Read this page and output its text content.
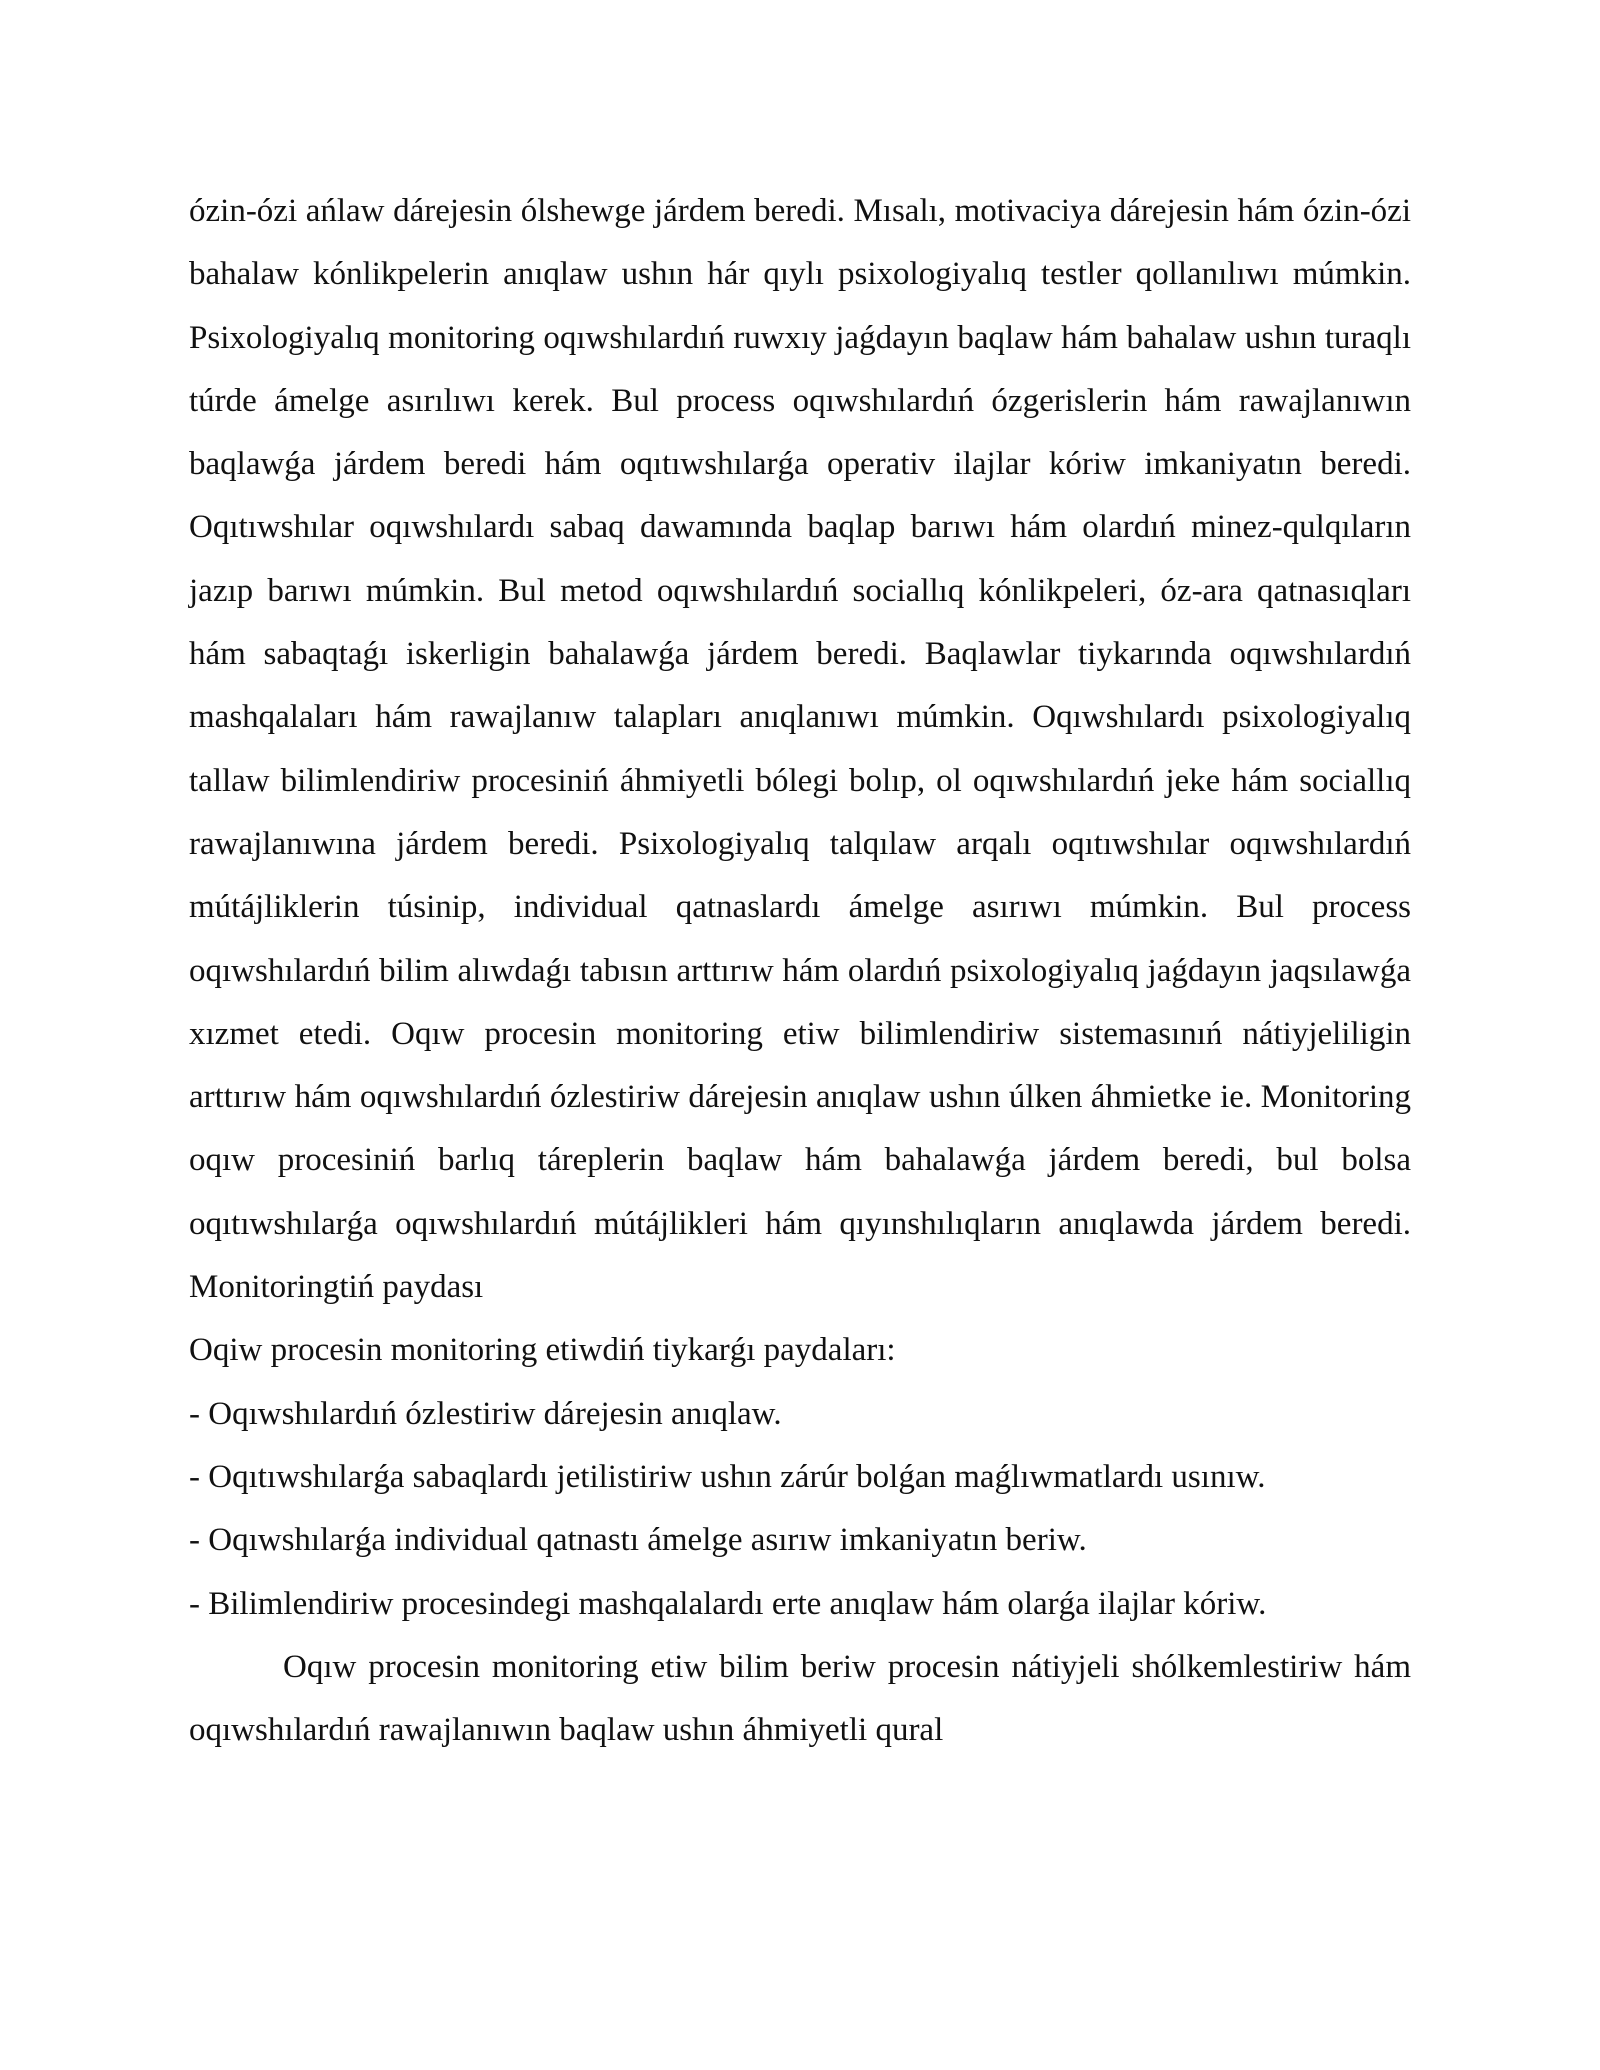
ózin-ózi ańlaw dárejesin ólshewge járdem beredi. Mısalı, motivaciya dárejesin hám ózin-ózi bahalaw kónlikpelerin anıqlaw ushın hár qıylı psixologiyalıq testler qollanılıwı múmkin. Psixologiyalıq monitoring oqıwshılardıń ruwxıy jaǵdayın baqlaw hám bahalaw ushın turaqlı túrde ámelge asırılıwı kerek. Bul process oqıwshılardıń ózgerislerin hám rawajlanıwın baqlawǵa járdem beredi hám oqıtıwshılarǵa operativ ilajlar kóriw imkaniyatın beredi. Oqıtıwshılar oqıwshılardı sabaq dawamında baqlap barıwı hám olardıń minez-qulqıların jazıp barıwı múmkin. Bul metod oqıwshılardıń sociallıq kónlikpeleri, óz-ara qatnasıqları hám sabaqtaǵı iskerligin bahalawǵa járdem beredi. Baqlawlar tiykarında oqıwshılardıń mashqalaları hám rawajlanıw talapları anıqlanıwı múmkin. Oqıwshılardı psixologiyalıq tallaw bilimlendiriw procesiniń áhmiyetli bólegi bolıp, ol oqıwshılardıń jeke hám sociallıq rawajlanıwına járdem beredi. Psixologiyalıq talqılaw arqalı oqıtıwshılar oqıwshılardıń mútájliklerin túsinip, individual qatnaslardı ámelge asırıwı múmkin. Bul process oqıwshılardıń bilim alıwdaǵı tabısın arttırıw hám olardıń psixologiyalıq jaǵdayın jaqsılawǵa xızmet etedi. Oqıw procesin monitoring etiw bilimlendiriw sistemasınıń nátiyjeliligin arttırıw hám oqıwshılardıń ózlestiriw dárejesin anıqlaw ushın úlken áhmietke ie. Monitoring oqıw procesiniń barlıq táreplerin baqlaw hám bahalawǵa járdem beredi, bul bolsa oqıtıwshılarǵa oqıwshılardıń mútájlikleri hám qıyınshılıqların anıqlawda járdem beredi. Monitoringtiń paydası

Oqiw procesin monitoring etiwdiń tiykarǵı paydaları:

- Oqıwshılardıń ózlestiriw dárejesin anıqlaw.

- Oqıtıwshılarǵa sabaqlardı jetilistiriw ushın zárúr bolǵan maǵlıwmatlardı usınıw.

- Oqıwshılarǵa individual qatnastı ámelge asırıw imkaniyatın beriw.

- Bilimlendiriw procesindegi mashqalalardı erte anıqlaw hám olarǵa ilajlar kóriw.

Oqıw procesin monitoring etiw bilim beriw procesin nátiyjeli shólkemlestiriw hám oqıwshılardıń rawajlanıwın baqlaw ushın áhmiyetli qural
